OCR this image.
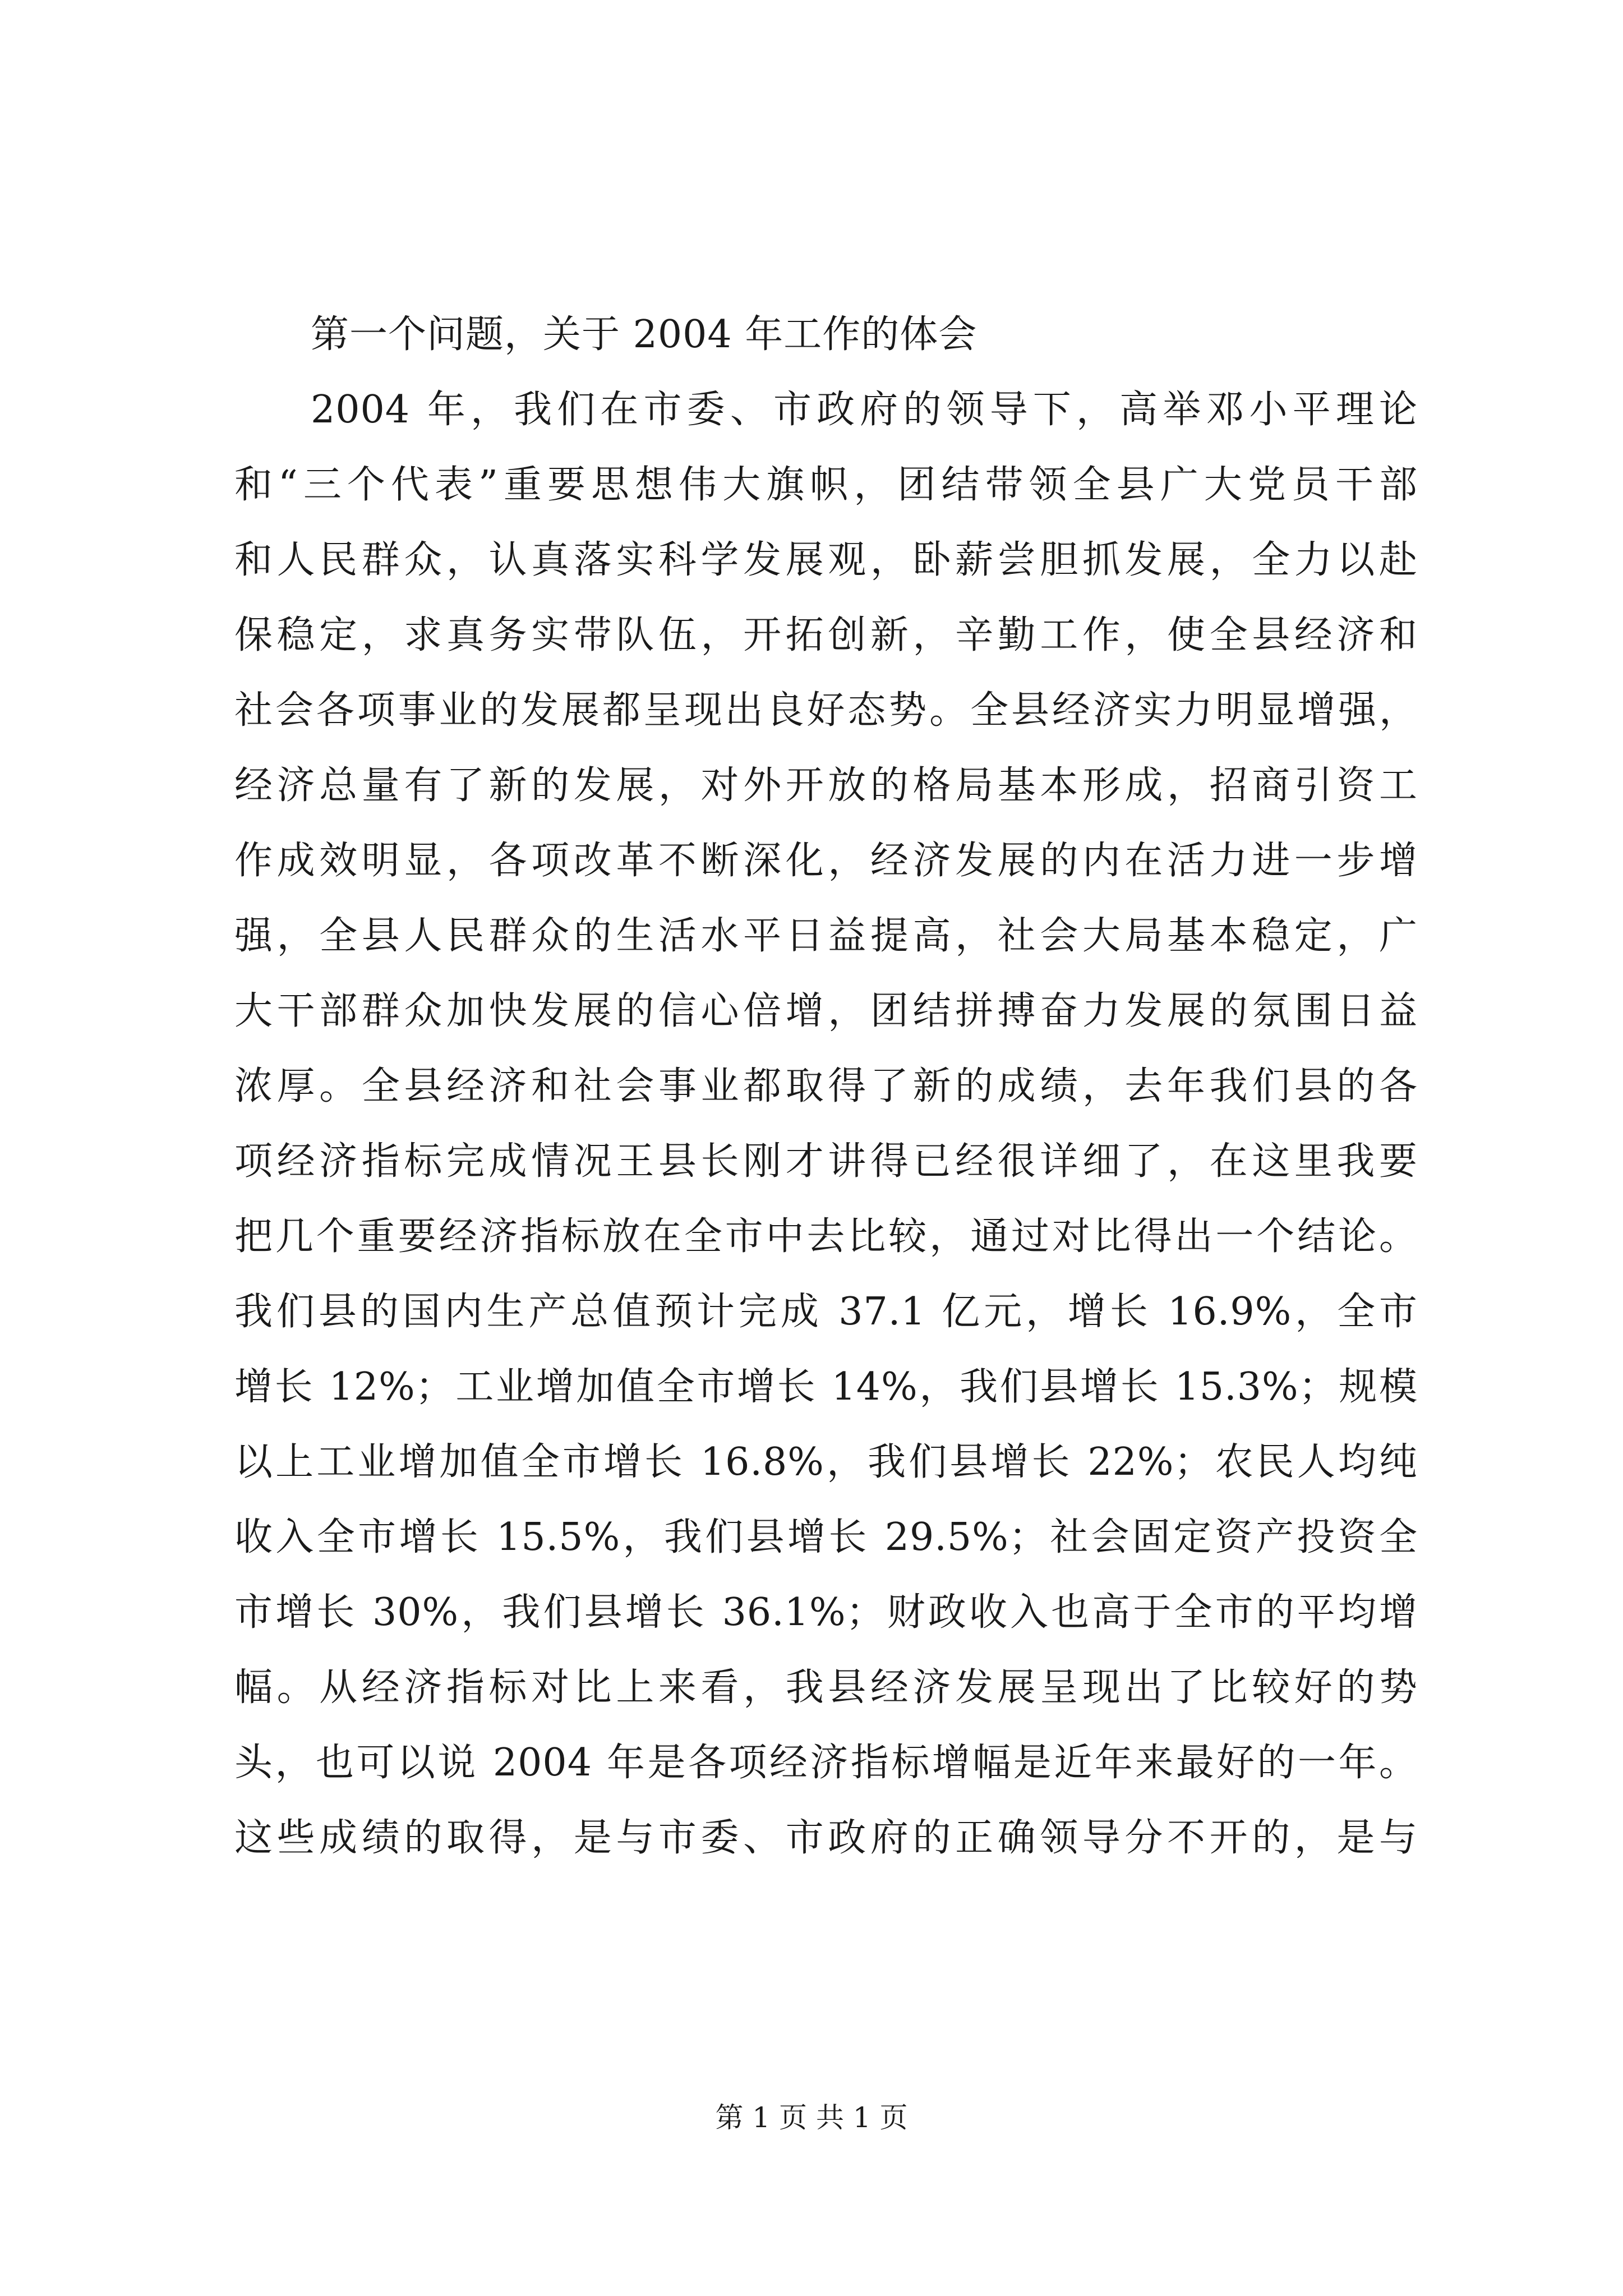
第一个问题，关于 2004 年工作的体会
2004 年，我们在市委、市政府的领导下，高举邓小平理论
和“三个代表”重要思想伟大旗帜，团结带领全县广大党员干部
和人民群众，认真落实科学发展观，卧薪尝胆抓发展，全力以赴
保稳定，求真务实带队伍，开拓创新，辛勤工作，使全县经济和
社会各项事业的发展都呈现出良好态势。全县经济实力明显增强，
经济总量有了新的发展，对外开放的格局基本形成，招商引资工
作成效明显，各项改革不断深化，经济发展的内在活力进一步增
强，全县人民群众的生活水平日益提高，社会大局基本稳定，广
大干部群众加快发展的信心倍增，团结拼搏奋力发展的氛围日益
浓厚。全县经济和社会事业都取得了新的成绩，去年我们县的各
项经济指标完成情况王县长刚才讲得已经很详细了，在这里我要
把几个重要经济指标放在全市中去比较，通过对比得出一个结论。
我们县的国内生产总值预计完成 37.1 亿元，增长 16.9%，全市
增长 12%；工业增加值全市增长 14%，我们县增长 15.3%；规模
以上工业增加值全市增长 16.8%，我们县增长 22%；农民人均纯
收入全市增长 15.5%，我们县增长 29.5%；社会固定资产投资全
市增长 30%，我们县增长 36.1%；财政收入也高于全市的平均增
幅。从经济指标对比上来看，我县经济发展呈现出了比较好的势
头，也可以说 2004 年是各项经济指标增幅是近年来最好的一年。
这些成绩的取得，是与市委、市政府的正确领导分不开的，是与
第 1 页 共 1 页
